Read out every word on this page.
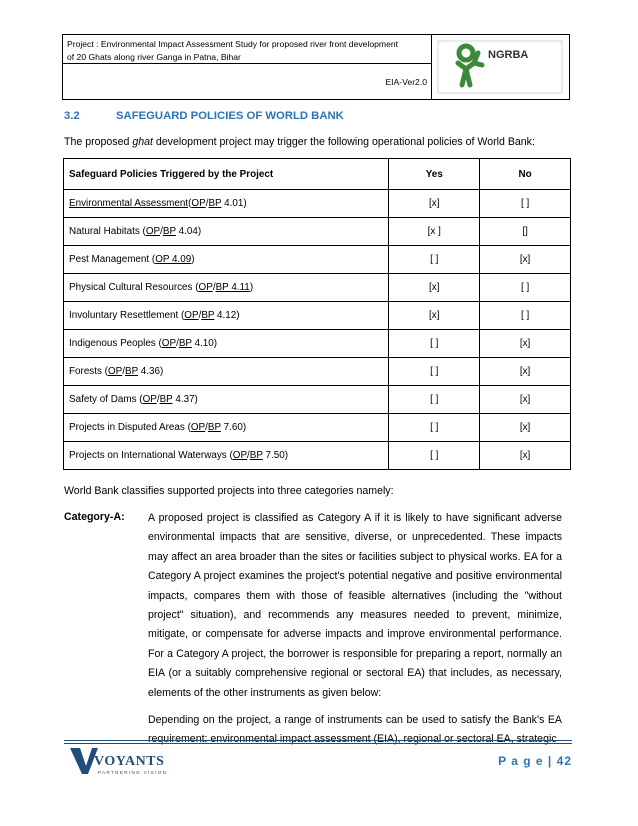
Project : Environmental Impact Assessment Study for proposed river front development
of 20 Ghats along river Ganga in Patna, Bihar
EIA-Ver2.0
NGRBA
3.2	SAFEGUARD POLICIES OF WORLD BANK
The proposed ghat development project may trigger the following operational policies of World Bank:
Safeguard Policies Triggered by the Project	Yes	No
Environmental Assessment(OP/BP 4.01)	[x]	[ ]
Natural Habitats (OP/BP 4.04)	[x ]	[]
Pest Management (OP 4.09)	[ ]	[x]
Physical Cultural Resources (OP/BP 4.11)	[x]	[ ]
Involuntary Resettlement (OP/BP 4.12)	[x]	[ ]
Indigenous Peoples (OP/BP 4.10)	[ ]	[x]
Forests (OP/BP 4.36)	[ ]	[x]
Safety of Dams (OP/BP 4.37)	[ ]	[x]
Projects in Disputed Areas (OP/BP 7.60)	[ ]	[x]
Projects on International Waterways (OP/BP 7.50)	[ ]	[x]
World Bank classifies supported projects into three categories namely:
Category-A: A proposed project is classified as Category A if it is likely to have significant adverse environmental impacts that are sensitive, diverse, or unprecedented. These impacts may affect an area broader than the sites or facilities subject to physical works. EA for a Category A project examines the project's potential negative and positive environmental impacts, compares them with those of feasible alternatives (including the "without project" situation), and recommends any measures needed to prevent, minimize, mitigate, or compensate for adverse impacts and improve environmental performance. For a Category A project, the borrower is responsible for preparing a report, normally an EIA (or a suitably comprehensive regional or sectoral EA) that includes, as necessary, elements of the other instruments as given below:

Depending on the project, a range of instruments can be used to satisfy the Bank's EA requirement: environmental impact assessment (EIA), regional or sectoral EA, strategic

VOYANTS
PARTNERING VISION
P a g e | 42
